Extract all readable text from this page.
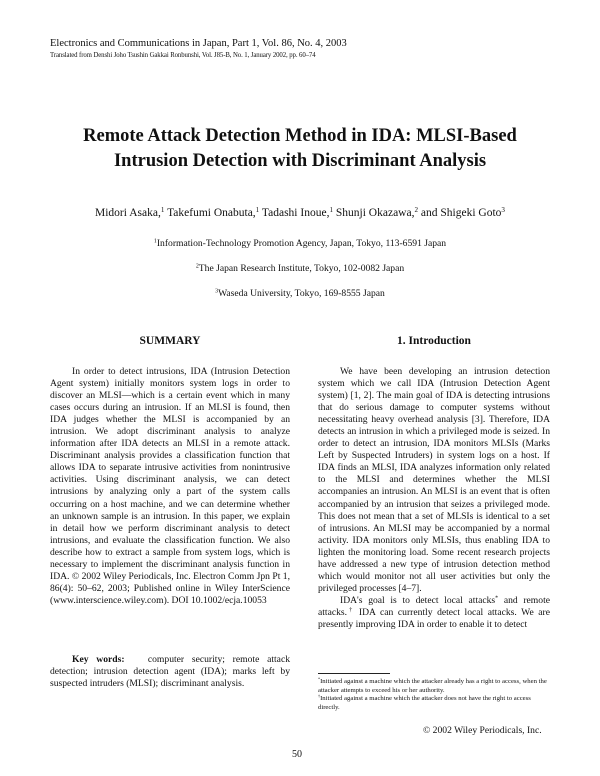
Electronics and Communications in Japan, Part 1, Vol. 86, No. 4, 2003
Translated from Denshi Joho Tsushin Gakkai Ronbunshi, Vol. J85-B, No. 1, January 2002, pp. 60–74
Remote Attack Detection Method in IDA: MLSI-Based
Intrusion Detection with Discriminant Analysis
Midori Asaka,$^1$ Takefumi Onabuta,$^1$ Tadashi Inoue,$^1$ Shunji Okazawa,$^2$ and Shigeki Goto$^3$
$^1$Information-Technology Promotion Agency, Japan, Tokyo, 113-6591 Japan
$^2$The Japan Research Institute, Tokyo, 102-0082 Japan
$^3$Waseda University, Tokyo, 169-8555 Japan
SUMMARY

In order to detect intrusions, IDA (Intrusion Detection Agent system) initially monitors system logs in order to discover an MLSI—which is a certain event which in many cases occurs during an intrusion. If an MLSI is found, then IDA judges whether the MLSI is accompanied by an intrusion. We adopt discriminant analysis to analyze information after IDA detects an MLSI in a remote attack. Discriminant analysis provides a classification function that allows IDA to separate intrusive activities from nonintrusive activities. Using discriminant analysis, we can detect intrusions by analyzing only a part of the system calls occurring on a host machine, and we can determine whether an unknown sample is an intrusion. In this paper, we explain in detail how we perform discriminant analysis to detect intrusions, and evaluate the classification function. We also describe how to extract a sample from system logs, which is necessary to implement the discriminant analysis function in IDA. © 2002 Wiley Periodicals, Inc. Electron Comm Jpn Pt 1, 86(4): 50–62, 2003; Published online in Wiley InterScience (www.interscience.wiley.com). DOI 10.1002/ecja.10053

Key words: computer security; remote attack detection; intrusion detection agent (IDA); marks left by suspected intruders (MLSI); discriminant analysis.
1. Introduction

We have been developing an intrusion detection system which we call IDA (Intrusion Detection Agent system) [1, 2]. The main goal of IDA is detecting intrusions that do serious damage to computer systems without necessitating heavy overhead analysis [3]. Therefore, IDA detects an intrusion in which a privileged mode is seized. In order to detect an intrusion, IDA monitors MLSIs (Marks Left by Suspected Intruders) in system logs on a host. If IDA finds an MLSI, IDA analyzes information only related to the MLSI and determines whether the MLSI accompanies an intrusion. An MLSI is an event that is often accompanied by an intrusion that seizes a privileged mode. This does not mean that a set of MLSIs is identical to a set of intrusions. An MLSI may be accompanied by a normal activity. IDA monitors only MLSIs, thus enabling IDA to lighten the monitoring load. Some recent research projects have addressed a new type of intrusion detection method which would monitor not all user activities but only the privileged processes [4–7].

IDA's goal is to detect local attacks* and remote attacks.† IDA can currently detect local attacks. We are presently improving IDA in order to enable it to detect

*Initiated against a machine which the attacker already has a right to access, when the attacker attempts to exceed his or her authority.

†Initiated against a machine which the attacker does not have the right to access directly.

© 2002 Wiley Periodicals, Inc.
50
